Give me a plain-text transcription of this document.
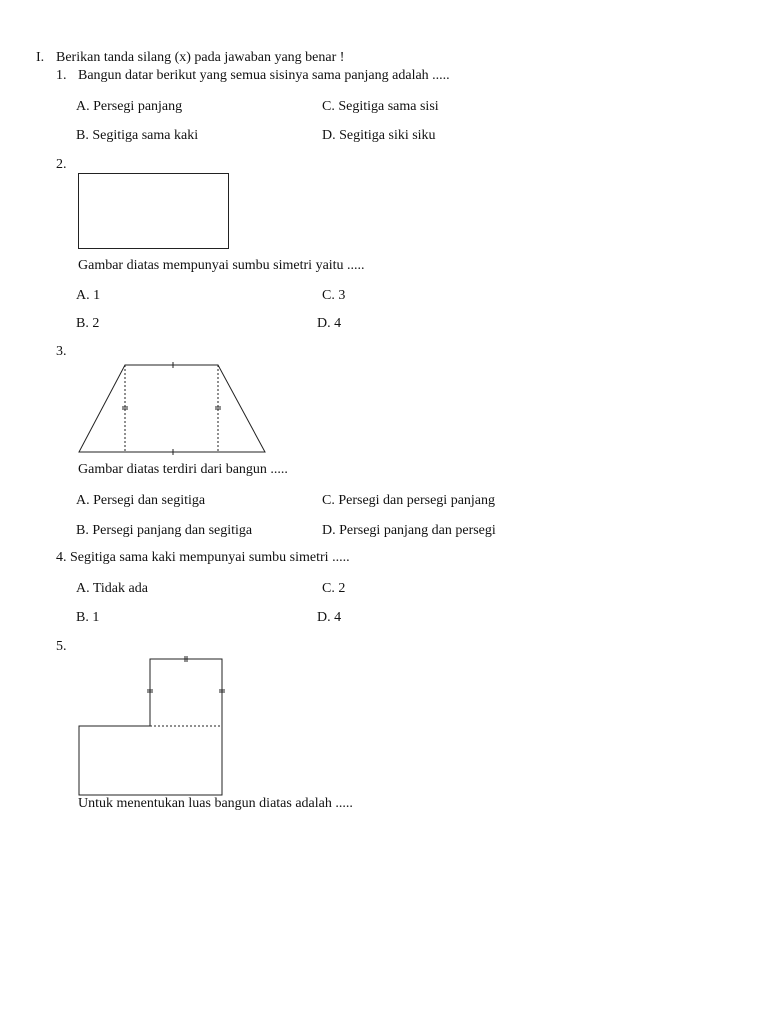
I. Berikan tanda silang (x) pada jawaban yang benar !
1. Bangun datar berikut yang semua sisinya sama panjang adalah .....
A. Persegi panjang	C. Segitiga sama sisi
B. Segitiga sama kaki	D. Segitiga siki siku
2.
Gambar diatas mempunyai sumbu simetri yaitu .....
A. 1	C. 3
B. 2	D. 4
3.
Gambar diatas terdiri dari bangun .....
A. Persegi dan segitiga	C. Persegi dan persegi panjang
B. Persegi panjang dan segitiga	D. Persegi panjang dan persegi
4. Segitiga sama kaki mempunyai sumbu simetri .....
A. Tidak ada	C. 2
B. 1	D. 4
5.
Untuk menentukan luas bangun diatas adalah .....
